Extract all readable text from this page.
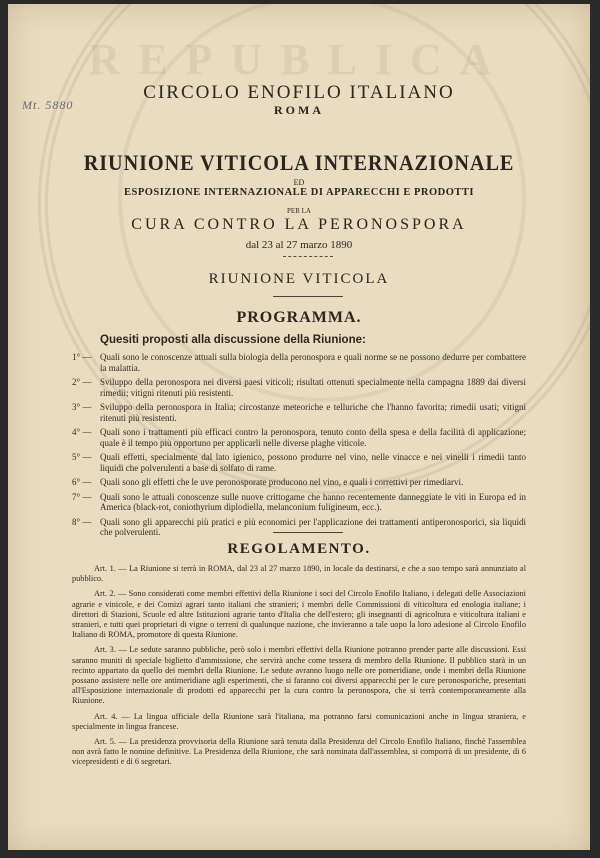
REPUBLICA
Mt. 5880
CIRCOLO ENOFILO ITALIANO
ROMA
RIUNIONE VITICOLA INTERNAZIONALE
ED
ESPOSIZIONE INTERNAZIONALE DI APPARECCHI E PRODOTTI
PER LA
CURA CONTRO LA PERONOSPORA
dal 23 al 27 marzo 1890
RIUNIONE VITICOLA
PROGRAMMA.
Quesiti proposti alla discussione della Riunione:
1° — Quali sono le conoscenze attuali sulla biologia della peronospora e quali norme se ne possono dedurre per combattere la malattia.
2° — Sviluppo della peronospora nei diversi paesi viticoli; risultati ottenuti specialmente nella campagna 1889 dai diversi rimedii; vitigni ritenuti più resistenti.
3° — Sviluppo della peronospora in Italia; circostanze meteoriche e telluriche che l'hanno favorita; rimedii usati; vitigni ritenuti più resistenti.
4° — Quali sono i trattamenti più efficaci contro la peronospora, tenuto conto della spesa e della facilità di applicazione; quale è il tempo più opportuno per applicarli nelle diverse plaghe viticole.
5° — Quali effetti, specialmente dal lato igienico, possono produrre nel vino, nelle vinacce e nei vinelli i rimedii tanto liquidi che polverulenti a base di solfato di rame.
6° — Quali sono gli effetti che le uve peronosporate producono nel vino, e quali i correttivi per rimediarvi.
7° — Quali sono le attuali conoscenze sulle nuove crittogame che hanno recentemente danneggiate le viti in Europa ed in America (black-rot, coniothyrium diplodiella, melanconium fuligineum, ecc.).
8° — Quali sono gli apparecchi più pratici e più economici per l'applicazione dei trattamenti antiperonosporici, sia liquidi che polverulenti.
REGOLAMENTO.
Art. 1. — La Riunione si terrà in ROMA, dal 23 al 27 marzo 1890, in locale da destinarsi, e che a suo tempo sarà annunziato al pubblico.
Art. 2. — Sono considerati come membri effettivi della Riunione i soci del Circolo Enofilo Italiano, i delegati delle Associazioni agrarie e vinicole, e dei Comizi agrari tanto italiani che stranieri; i membri delle Commissioni di viticoltura ed enologia italiane; i direttori di Stazioni, Scuole ed altre Istituzioni agrarie tanto d'Italia che dell'estero; gli insegnanti di agricoltura e viticoltura italiani e stranieri, e tutti quei proprietari di vigne o terreni di qualunque nazione, che invieranno a tale uopo la loro adesione al Circolo Enofilo Italiano di ROMA, promotore di questa Riunione.
Art. 3. — Le sedute saranno pubbliche, però solo i membri effettivi della Riunione potranno prender parte alle discussioni. Essi saranno muniti di speciale biglietto d'ammissione, che servirà anche come tessera di membro della Riunione. Il pubblico starà in un recinto appartato da quello dei membri della Riunione. Le sedute avranno luogo nelle ore pomeridiane, onde i membri della Riunione possano assistere nelle ore antimeridiane agli esperimenti, che si faranno coi diversi apparecchi per le cure peronosporiche, presentati all'Esposizione internazionale di prodotti ed apparecchi per la cura contro la peronospora, che si terrà contemporaneamente alla Riunione.
Art. 4. — La lingua ufficiale della Riunione sarà l'italiana, ma potranno farsi comunicazioni anche in lingua straniera, e specialmente in lingua francese.
Art. 5. — La presidenza provvisoria della Riunione sarà tenuta dalla Presidenza del Circolo Enofilo Italiano, finchè l'assemblea non avrà fatto le nomine definitive. La Presidenza della Riunione, che sarà nominata dall'assemblea, si comporrà di un presidente, di 6 vicepresidenti e di 6 segretari.
